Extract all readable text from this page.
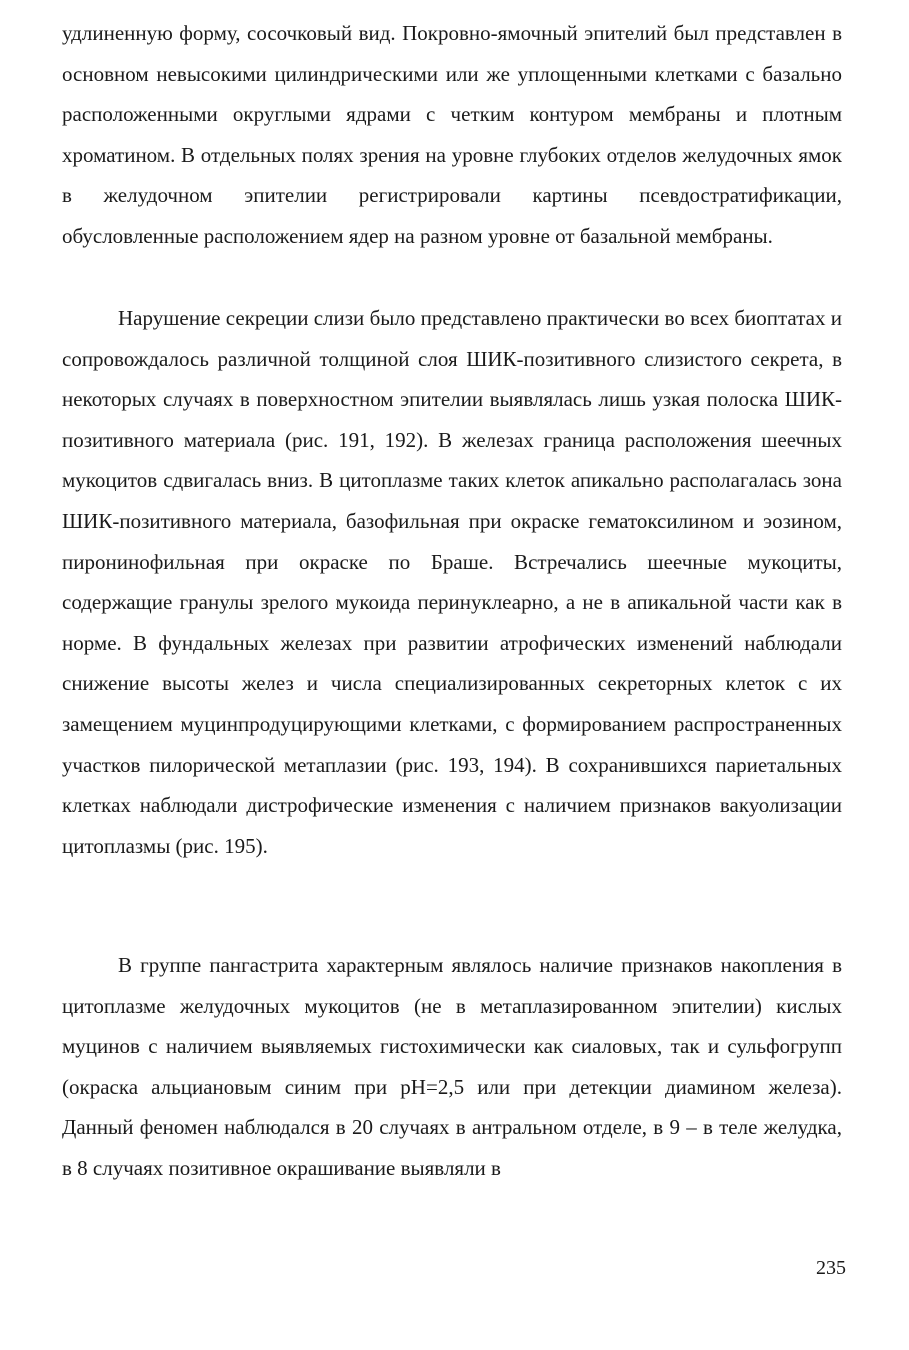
удлиненную форму, сосочковый вид. Покровно-ямочный эпителий был представлен в основном невысокими цилиндрическими или же уплощенными клетками с базально расположенными округлыми ядрами с четким контуром мембраны и плотным хроматином. В отдельных полях зрения на уровне глубоких отделов желудочных ямок в желудочном эпителии регистрировали картины псевдостратификации, обусловленные расположением ядер на разном уровне от базальной мембраны.

Нарушение секреции слизи было представлено практически во всех биоптатах и сопровождалось различной толщиной слоя ШИК-позитивного слизистого секрета, в некоторых случаях в поверхностном эпителии выявлялась лишь узкая полоска ШИК-позитивного материала (рис. 191, 192). В железах граница расположения шеечных мукоцитов сдвигалась вниз. В цитоплазме таких клеток апикально располагалась зона ШИК-позитивного материала, базофильная при окраске гематоксилином и эозином, пиронинофильная при окраске по Браше. Встречались шеечные мукоциты, содержащие гранулы зрелого мукоида перинуклеарно, а не в апикальной части как в норме. В фундальных железах при развитии атрофических изменений наблюдали снижение высоты желез и числа специализированных секреторных клеток с их замещением муцинпродуцирующими клетками, с формированием распространенных участков пилорической метаплазии (рис. 193, 194). В сохранившихся париетальных клетках наблюдали дистрофические изменения с наличием признаков вакуолизации цитоплазмы (рис. 195).

В группе пангастрита характерным являлось наличие признаков накопления в цитоплазме желудочных мукоцитов (не в метаплазированном эпителии) кислых муцинов с наличием выявляемых гистохимически как сиаловых, так и сульфогрупп (окраска альциановым синим при pH=2,5 или при детекции диамином железа). Данный феномен наблюдался в 20 случаях в антральном отделе, в 9 – в теле желудка, в 8 случаях позитивное окрашивание выявляли в

235
